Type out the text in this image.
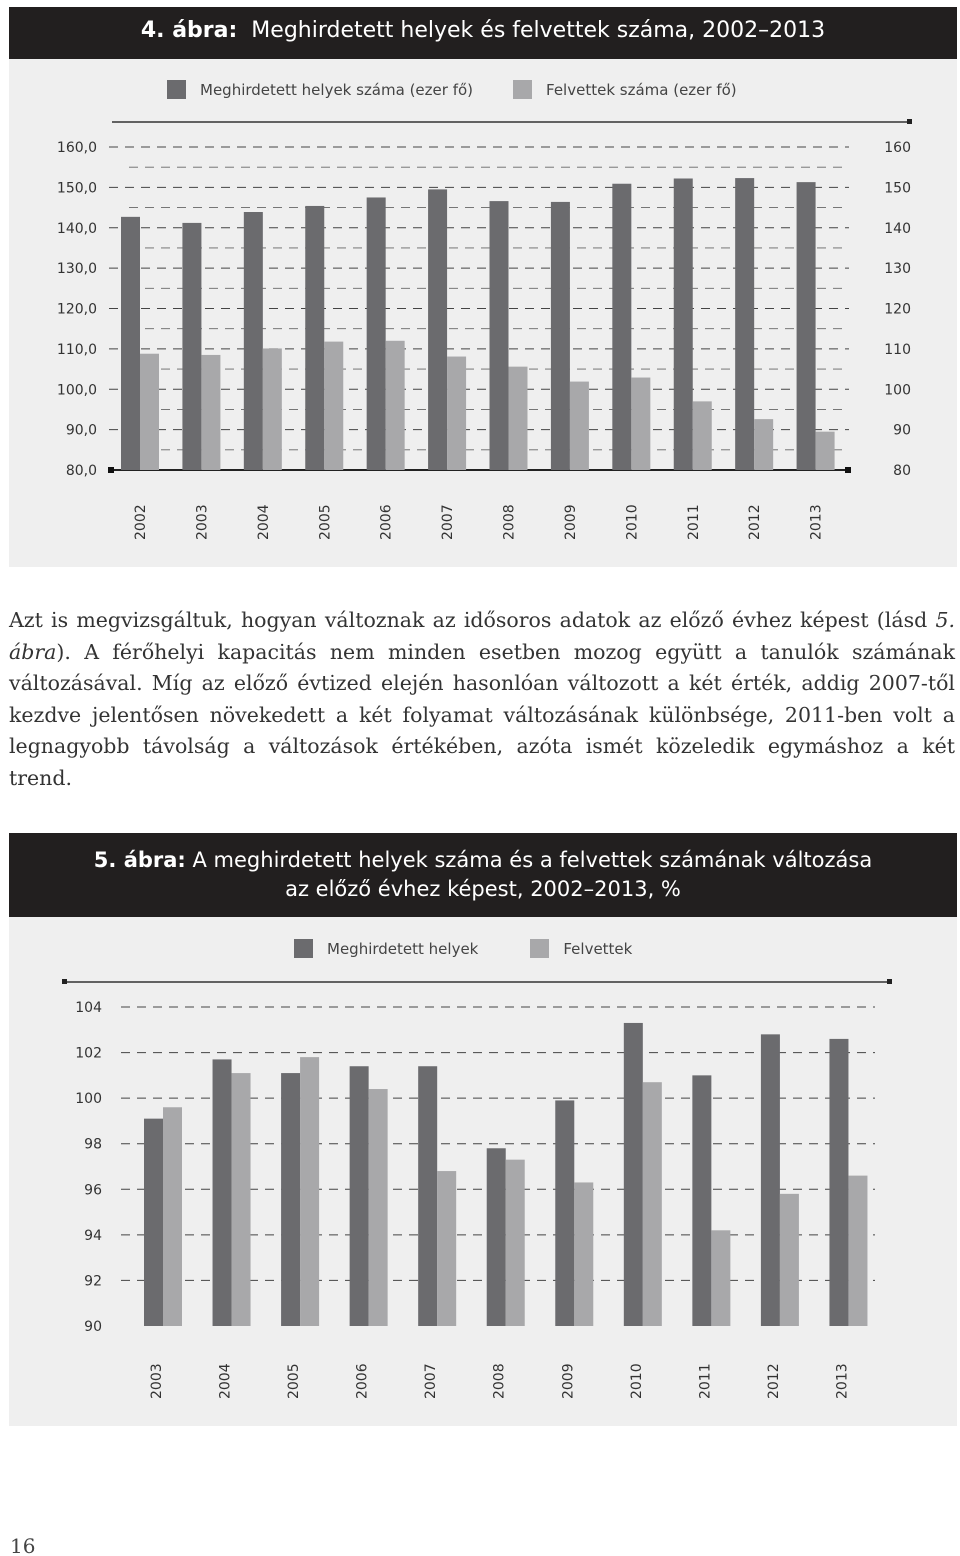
4. ábra: Meghirdetett helyek és felvettek száma, 2002–2013
Meghirdetett helyek száma (ezer fő)	Felvettek száma (ezer fő)
80,0	80
90,0	90
100,0	100
110,0	110
120,0	120
130,0	130
140,0	140
150,0	150
160,0	160
2002	2003	2004	2005	2006	2007	2008	2009	2010	2011	2012	2013

Azt is megvizsgáltuk, hogyan változnak az idősoros adatok az előző évhez képest (lásd 5. ábra). A férőhelyi kapacitás nem minden esetben mozog együtt a tanulók számának változásával. Míg az előző évtized elején hasonlóan változott a két érték, addig 2007-től kezdve jelentősen növekedett a két folyamat változásának különbsége, 2011-ben volt a legnagyobb távolság a változások értékében, azóta ismét közeledik egymáshoz a két trend.

5. ábra: A meghirdetett helyek száma és a felvettek számának változása
az előző évhez képest, 2002–2013, %
Meghirdetett helyek	Felvettek
90
92
94
96
98
100
102
104
2003	2004	2005	2006	2007	2008	2009	2010	2011	2012	2013
16
